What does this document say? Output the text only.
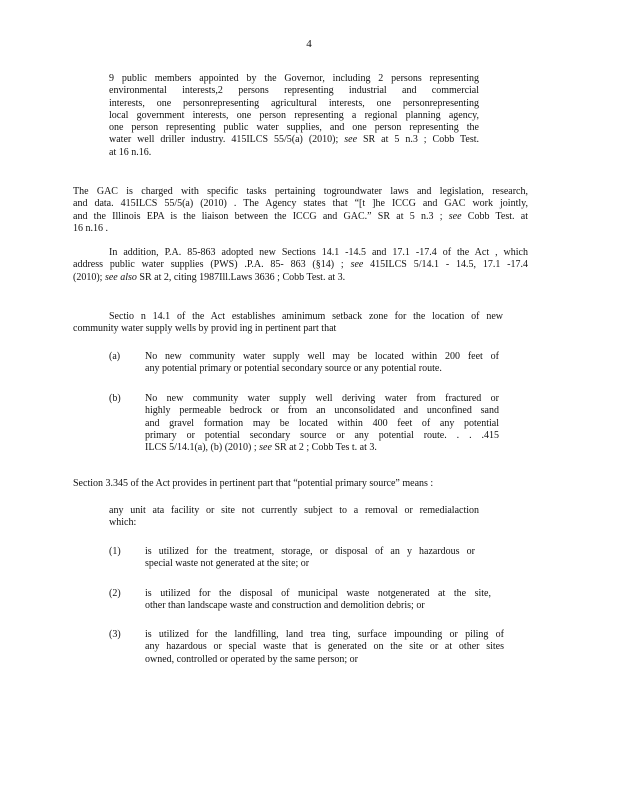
4
9 public members appointed by the Governor, including 2 persons representing
environmental interests,2 persons representing industrial and commercial
interests, one personrepresenting agricultural interests, one personrepresenting
local government interests, one person representing a regional planning agency,
one person representing public water supplies, and one person representing the
water well driller industry. 415ILCS 55/5(a) (2010); see SR at 5 n.3 ; Cobb Test.
at 16 n.16.
The GAC is charged with specific tasks pertaining togroundwater laws and legislation, research,
and data. 415ILCS 55/5(a) (2010) . The Agency states that “[t ]he ICCG and GAC work jointly,
and the Illinois EPA is the liaison between the ICCG and GAC.” SR at 5 n.3 ; see Cobb Test. at
16 n.16 .
In addition, P.A. 85-863 adopted new Sections 14.1 -14.5 and 17.1 -17.4 of the Act , which
address public water supplies (PWS) .P.A. 85- 863 (§14) ; see 415ILCS 5/14.1 - 14.5, 17.1 -17.4
(2010); see also SR at 2, citing 1987Ill.Laws 3636 ; Cobb Test. at 3.
Sectio n 14.1 of the Act establishes aminimum setback zone for the location of new
community water supply wells by provid ing in pertinent part that
(a) No new community water supply well may be located within 200 feet of
any potential primary or potential secondary source or any potential route.
(b) No new community water supply well deriving water from fractured or
highly permeable bedrock or from an unconsolidated and unconfined sand
and gravel formation may be located within 400 feet of any potential
primary or potential secondary source or any potential route. . . .415
ILCS 5/14.1(a), (b) (2010) ; see SR at 2 ; Cobb Tes t. at 3.
Section 3.345 of the Act provides in pertinent part that “potential primary source” means :
any unit ata facility or site not currently subject to a removal or remedialaction
which:
(1) is utilized for the treatment, storage, or disposal of an y hazardous or
special waste not generated at the site; or
(2) is utilized for the disposal of municipal waste notgenerated at the site,
other than landscape waste and construction and demolition debris; or
(3) is utilized for the landfilling, land trea ting, surface impounding or piling of
any hazardous or special waste that is generated on the site or at other sites
owned, controlled or operated by the same person; or
